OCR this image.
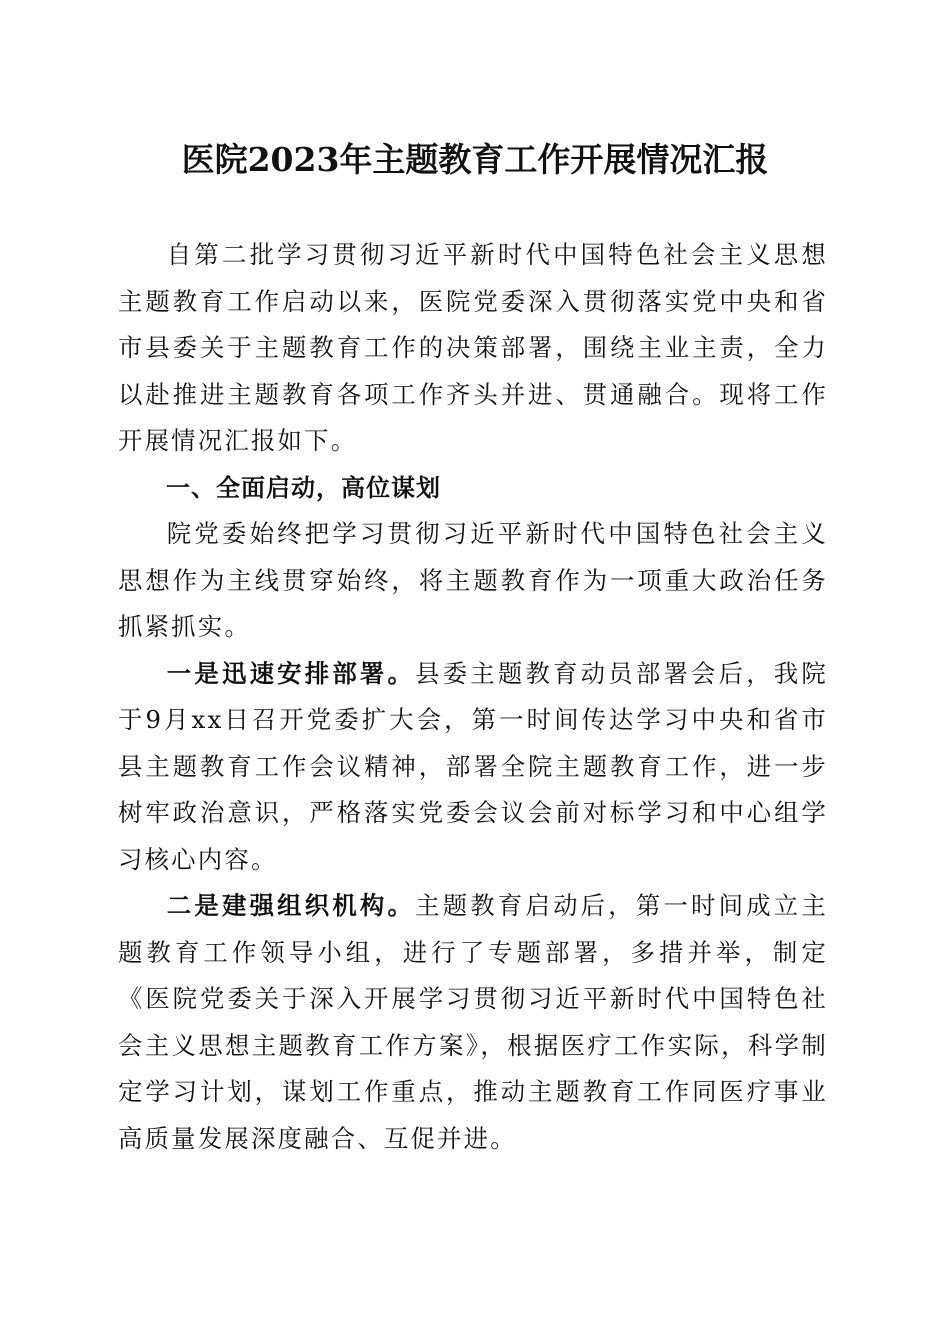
医院2023年主题教育工作开展情况汇报

自第二批学习贯彻习近平新时代中国特色社会主义思想主题教育工作启动以来，医院党委深入贯彻落实党中央和省市县委关于主题教育工作的决策部署，围绕主业主责，全力以赴推进主题教育各项工作齐头并进、贯通融合。现将工作开展情况汇报如下。

一、全面启动，高位谋划

院党委始终把学习贯彻习近平新时代中国特色社会主义思想作为主线贯穿始终，将主题教育作为一项重大政治任务抓紧抓实。

一是迅速安排部署。县委主题教育动员部署会后，我院于9月xx日召开党委扩大会，第一时间传达学习中央和省市县主题教育工作会议精神，部署全院主题教育工作，进一步树牢政治意识，严格落实党委会议会前对标学习和中心组学习核心内容。

二是建强组织机构。主题教育启动后，第一时间成立主题教育工作领导小组，进行了专题部署，多措并举，制定《医院党委关于深入开展学习贯彻习近平新时代中国特色社会主义思想主题教育工作方案》，根据医疗工作实际，科学制定学习计划，谋划工作重点，推动主题教育工作同医疗事业高质量发展深度融合、互促并进。
